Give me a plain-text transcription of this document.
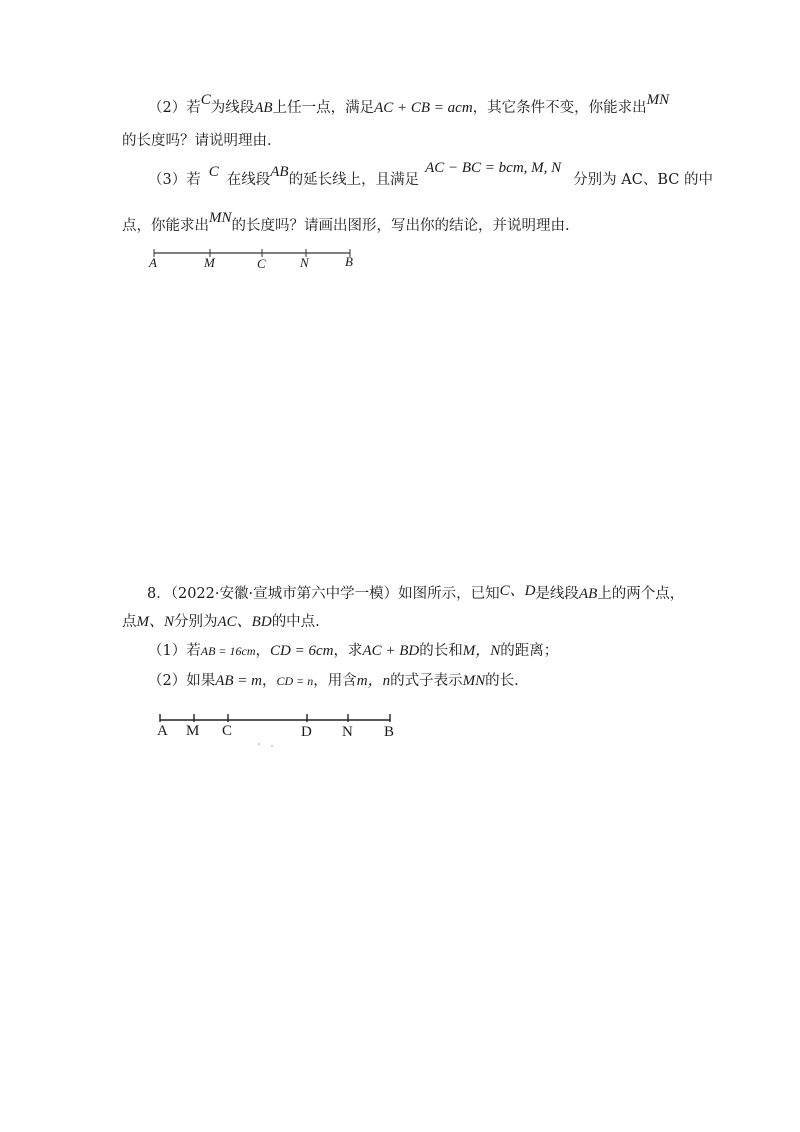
（2）若C为线段AB上任一点，满足AC + CB = acm，其它条件不变，你能求出MN
的长度吗？请说明理由.
（3）若 C 在线段AB的延长线上，且满足AC − BC = bcm, M, N分别为 AC、BC 的中
点，你能求出MN的长度吗？请画出图形，写出你的结论，并说明理由.
A	M	C	N	B
8．（2022·安徽·宣城市第六中学一模）如图所示，已知C、D是线段AB上的两个点，
点M、N分别为AC、BD的中点.
（1）若AB = 16cm，CD = 6cm，求AC + BD的长和M，N的距离；
（2）如果AB = m，CD = n，用含m，n的式子表示MN的长.
A M C	D N B
